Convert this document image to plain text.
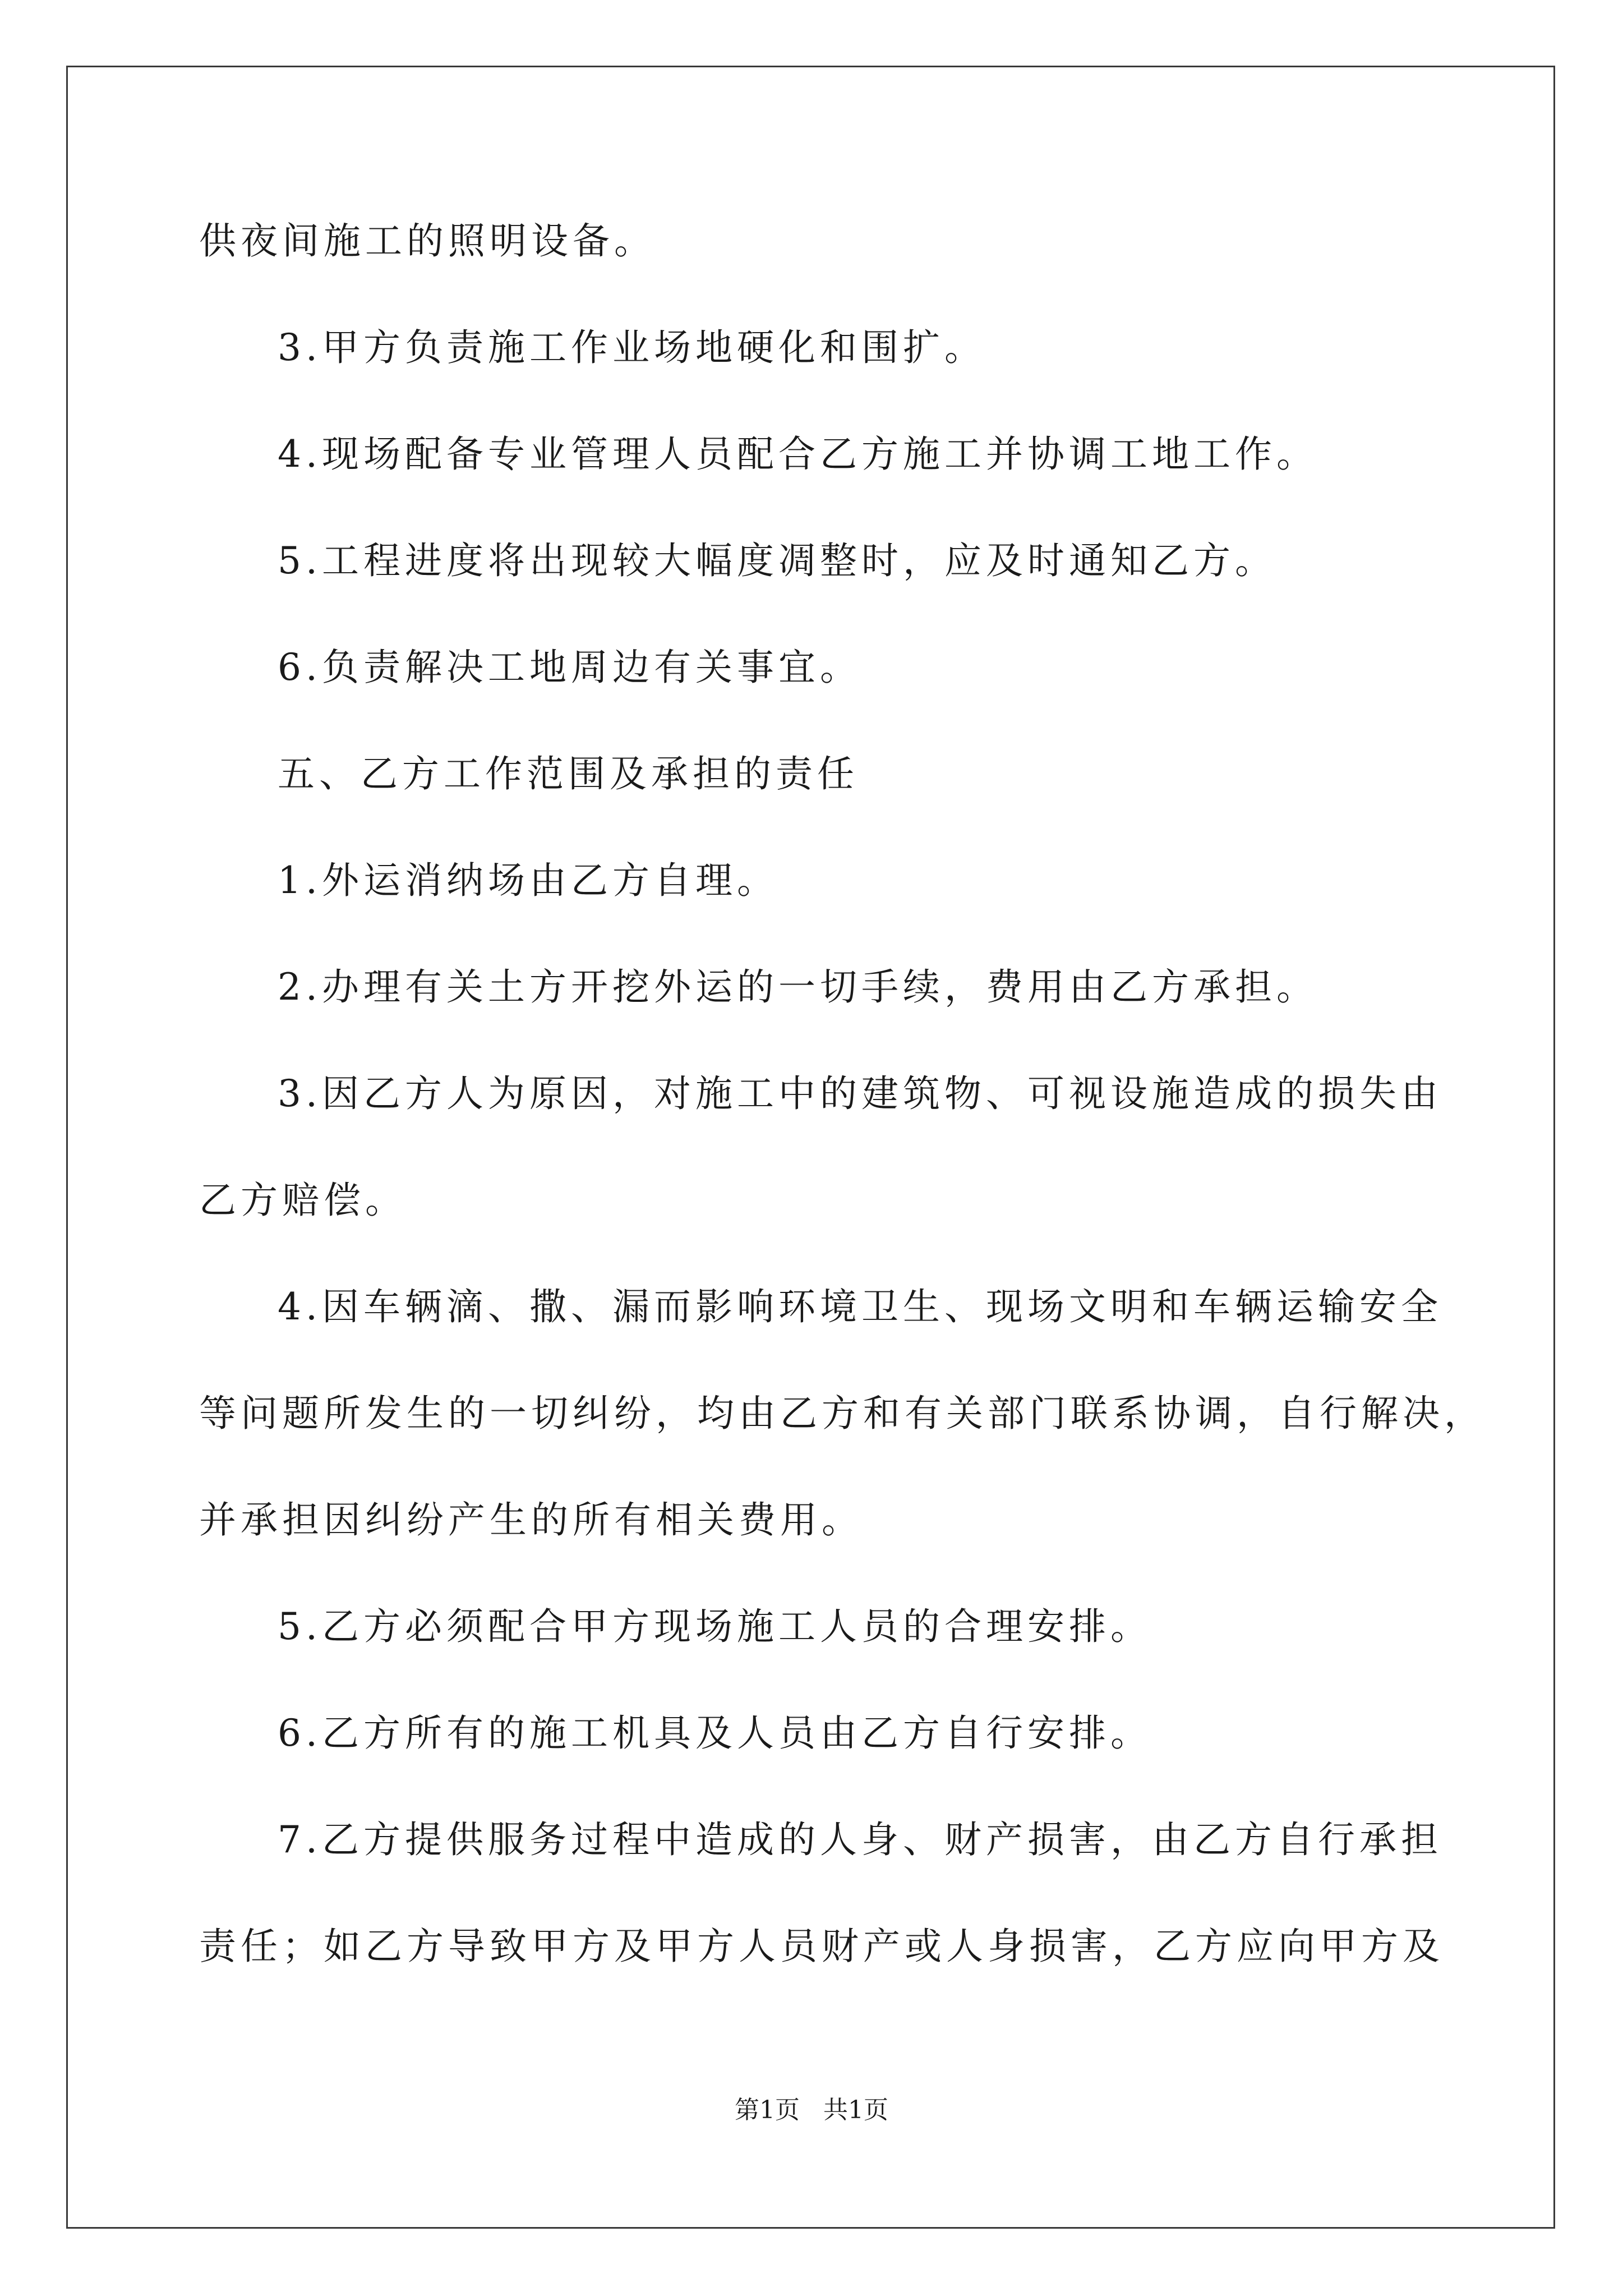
供夜间施工的照明设备。
3.甲方负责施工作业场地硬化和围扩。
4.现场配备专业管理人员配合乙方施工并协调工地工作。
5.工程进度将出现较大幅度凋整时，应及时通知乙方。
6.负责解决工地周边有关事宜。
五、乙方工作范围及承担的责任
1.外运消纳场由乙方自理。
2.办理有关土方开挖外运的一切手续，费用由乙方承担。
3.因乙方人为原因，对施工中的建筑物、可视设施造成的损失由
乙方赔偿。
4.因车辆滴、撒、漏而影响环境卫生、现场文明和车辆运输安全
等问题所发生的一切纠纷，均由乙方和有关部门联系协调，自行解决，
并承担因纠纷产生的所有相关费用。
5.乙方必须配合甲方现场施工人员的合理安排。
6.乙方所有的施工机具及人员由乙方自行安排。
7.乙方提供服务过程中造成的人身、财产损害，由乙方自行承担
责任；如乙方导致甲方及甲方人员财产或人身损害，乙方应向甲方及
第1页   共1页
